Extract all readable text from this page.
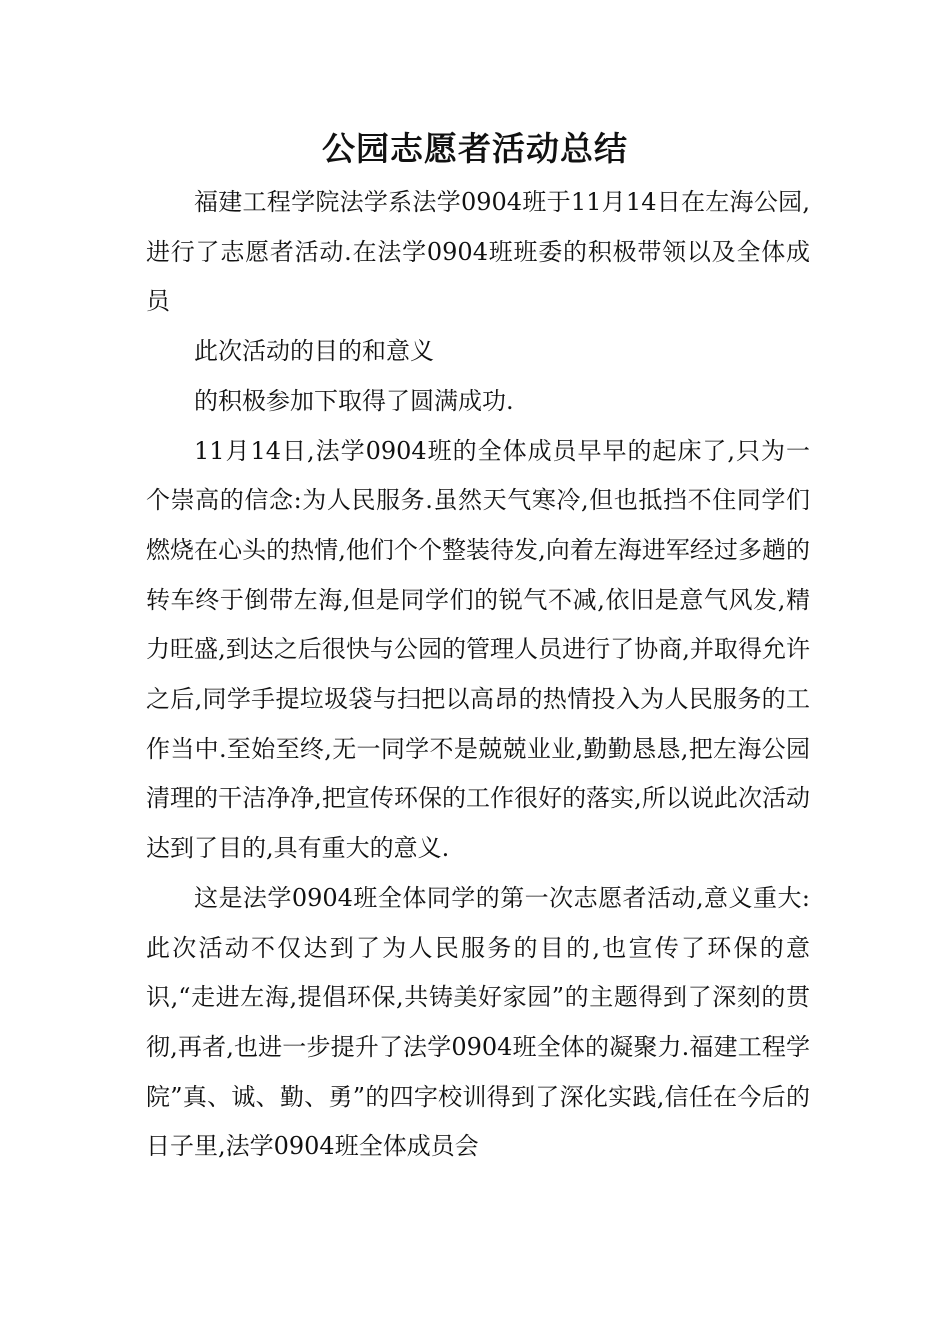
公园志愿者活动总结

福建工程学院法学系法学0904班于11月14日在左海公园,进行了志愿者活动.在法学0904班班委的积极带领以及全体成员

此次活动的目的和意义

的积极参加下取得了圆满成功.

11月14日,法学0904班的全体成员早早的起床了,只为一个崇高的信念:为人民服务.虽然天气寒冷,但也抵挡不住同学们燃烧在心头的热情,他们个个整装待发,向着左海进军经过多趟的转车终于倒带左海,但是同学们的锐气不减,依旧是意气风发,精力旺盛,到达之后很快与公园的管理人员进行了协商,并取得允许之后,同学手提垃圾袋与扫把以高昂的热情投入为人民服务的工作当中.至始至终,无一同学不是兢兢业业,勤勤恳恳,把左海公园清理的干洁净净,把宣传环保的工作很好的落实,所以说此次活动达到了目的,具有重大的意义.

这是法学0904班全体同学的第一次志愿者活动,意义重大:此次活动不仅达到了为人民服务的目的,也宣传了环保的意识,“走进左海,提倡环保,共铸美好家园”的主题得到了深刻的贯彻,再者,也进一步提升了法学0904班全体的凝聚力.福建工程学院”真、诚、勤、勇”的四字校训得到了深化实践,信任在今后的日子里,法学0904班全体成员会
